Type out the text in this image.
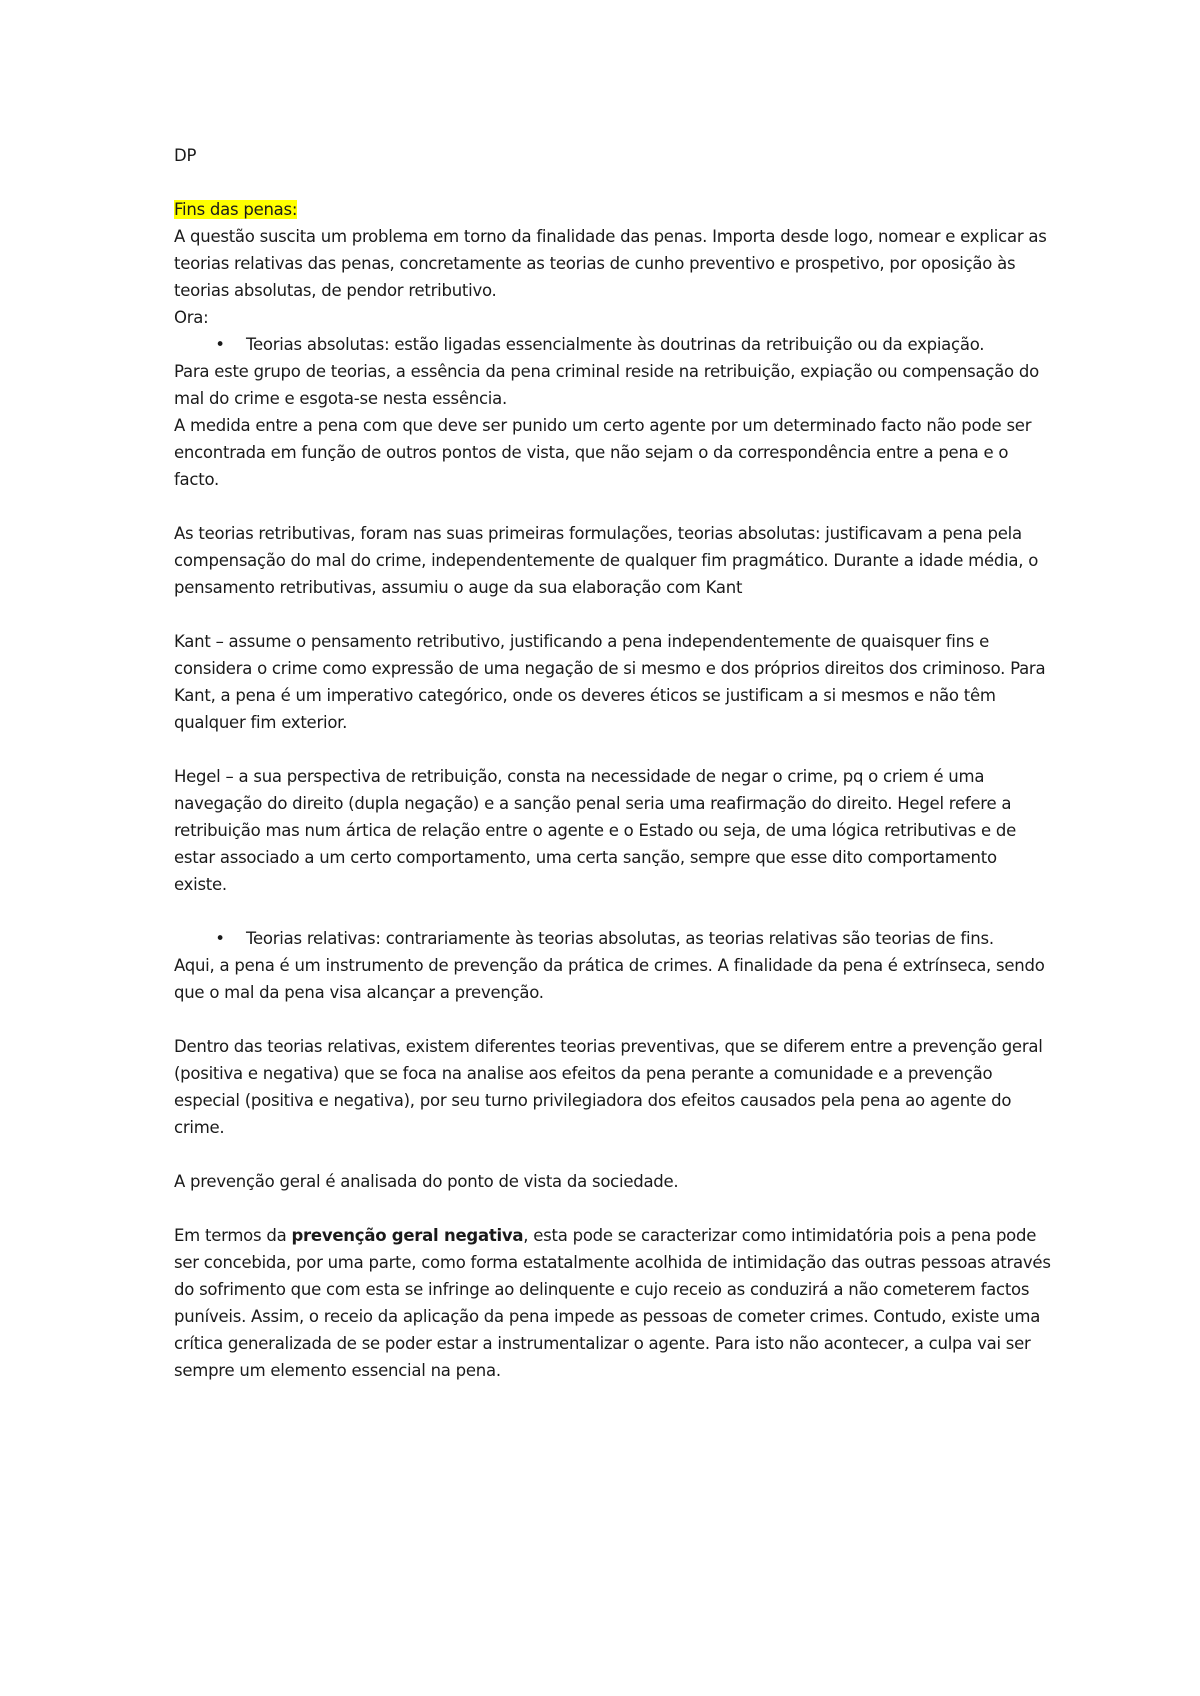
DP

Fins das penas:

A questão suscita um problema em torno da finalidade das penas. Importa desde logo, nomear e explicar as teorias relativas das penas, concretamente as teorias de cunho preventivo e prospetivo, por oposição às teorias absolutas, de pendor retributivo.

Ora:

•	Teorias absolutas: estão ligadas essencialmente às doutrinas da retribuição ou da expiação.

Para este grupo de teorias, a essência da pena criminal reside na retribuição, expiação ou compensação do mal do crime e esgota-se nesta essência.

A medida entre a pena com que deve ser punido um certo agente por um determinado facto não pode ser encontrada em função de outros pontos de vista, que não sejam o da correspondência entre a pena e o facto.

As teorias retributivas, foram nas suas primeiras formulações, teorias absolutas: justificavam a pena pela compensação do mal do crime, independentemente de qualquer fim pragmático. Durante a idade média, o pensamento retributivas, assumiu o auge da sua elaboração com Kant

Kant – assume o pensamento retributivo, justificando a pena independentemente de quaisquer fins e considera o crime como expressão de uma negação de si mesmo e dos próprios direitos dos criminoso. Para Kant, a pena é um imperativo categórico, onde os deveres éticos se justificam a si mesmos e não têm qualquer fim exterior.

Hegel – a sua perspectiva de retribuição, consta na necessidade de negar o crime, pq o criem é uma navegação do direito (dupla negação) e a sanção penal seria uma reafirmação do direito. Hegel refere a retribuição mas num ártica de relação entre o agente e o Estado ou seja, de uma lógica retributivas e de estar associado a um certo comportamento, uma certa sanção, sempre que esse dito comportamento existe.

•	Teorias relativas: contrariamente às teorias absolutas, as teorias relativas são teorias de fins.

Aqui, a pena é um instrumento de prevenção da prática de crimes. A finalidade da pena é extrínseca, sendo que o mal da pena visa alcançar a prevenção.

Dentro das teorias relativas, existem diferentes teorias preventivas, que se diferem entre a prevenção geral (positiva e negativa) que se foca na analise aos efeitos da pena perante a comunidade e a prevenção especial (positiva e negativa), por seu turno privilegiadora dos efeitos causados pela pena ao agente do crime.

A prevenção geral é analisada do ponto de vista da sociedade.

Em termos da prevenção geral negativa, esta pode se caracterizar como intimidatória pois a pena pode ser concebida, por uma parte, como forma estatalmente acolhida de intimidação das outras pessoas através do sofrimento que com esta se infringe ao delinquente e cujo receio as conduzirá a não cometerem factos puníveis. Assim, o receio da aplicação da pena impede as pessoas de cometer crimes. Contudo, existe uma crítica generalizada de se poder estar a instrumentalizar o agente. Para isto não acontecer, a culpa vai ser sempre um elemento essencial na pena.
